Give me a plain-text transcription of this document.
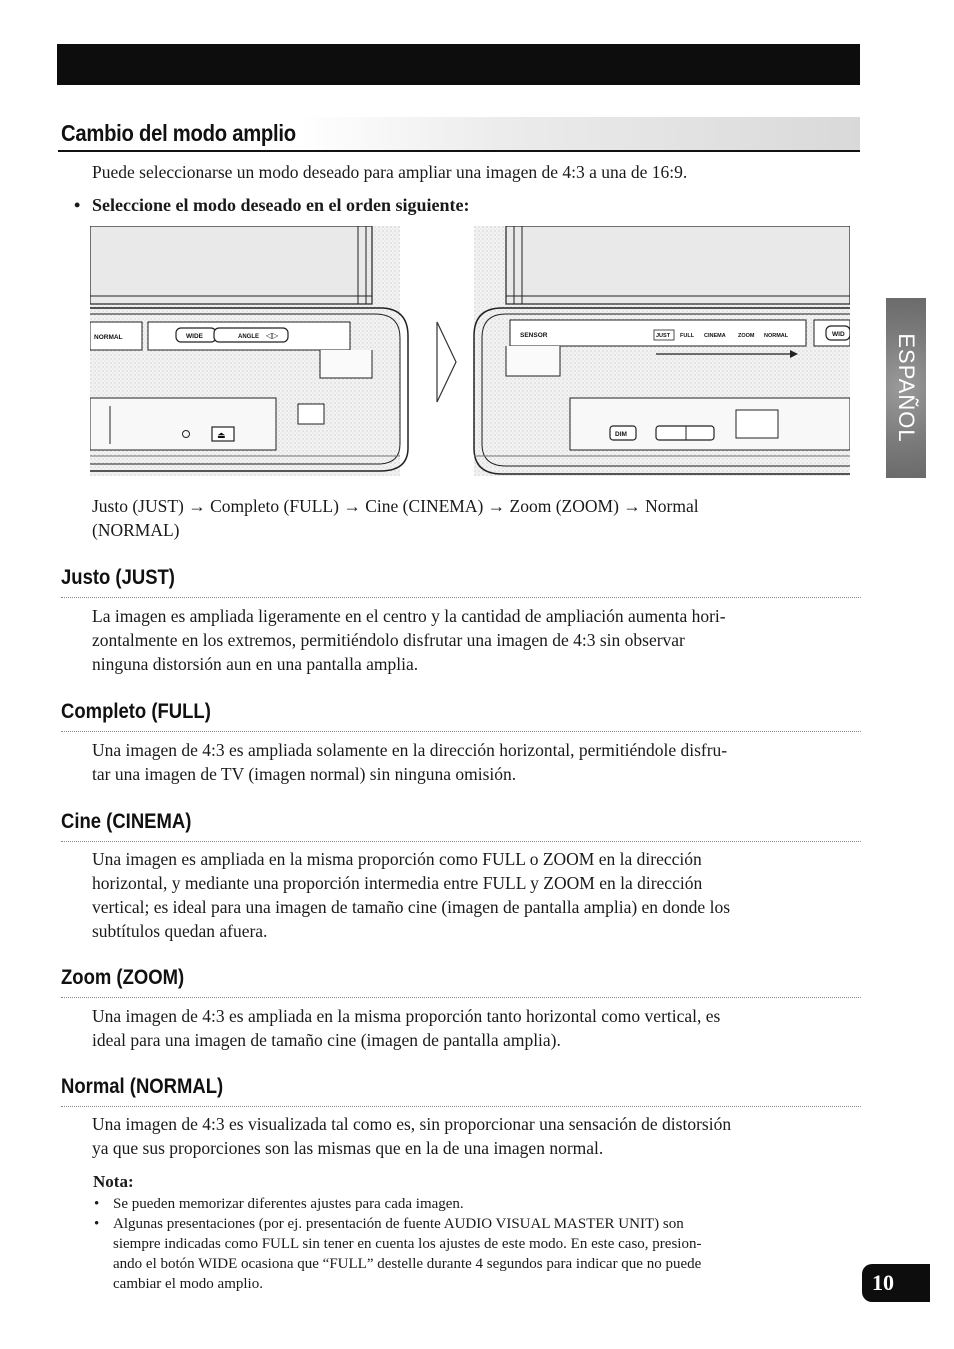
Cambio del modo amplio
Puede seleccionarse un modo deseado para ampliar una imagen de 4:3 a una de 16:9.
• Seleccione el modo deseado en el orden siguiente:
NORMAL	WIDE	ANGLE ◁▷
⏏
SENSOR	JUST FULL CINEMA ZOOM NORMAL	WID
DIM
Justo (JUST) → Completo (FULL) → Cine (CINEMA) → Zoom (ZOOM) → Normal
(NORMAL)
Justo (JUST)
La imagen es ampliada ligeramente en el centro y la cantidad de ampliación aumenta hori-
zontalmente en los extremos, permitiéndolo disfrutar una imagen de 4:3 sin observar
ninguna distorsión aun en una pantalla amplia.
Completo (FULL)
Una imagen de 4:3 es ampliada solamente en la dirección horizontal, permitiéndole disfru-
tar una imagen de TV (imagen normal) sin ninguna omisión.
Cine (CINEMA)
Una imagen es ampliada en la misma proporción como FULL o ZOOM en la dirección
horizontal, y mediante una proporción intermedia entre FULL y ZOOM en la dirección
vertical; es ideal para una imagen de tamaño cine (imagen de pantalla amplia) en donde los
subtítulos quedan afuera.
Zoom (ZOOM)
Una imagen de 4:3 es ampliada en la misma proporción tanto horizontal como vertical, es
ideal para una imagen de tamaño cine (imagen de pantalla amplia).
Normal (NORMAL)
Una imagen de 4:3 es visualizada tal como es, sin proporcionar una sensación de distorsión
ya que sus proporciones son las mismas que en la de una imagen normal.
Nota:
• Se pueden memorizar diferentes ajustes para cada imagen.
• Algunas presentaciones (por ej. presentación de fuente AUDIO VISUAL MASTER UNIT) son
siempre indicadas como FULL sin tener en cuenta los ajustes de este modo. En este caso, presion-
ando el botón WIDE ocasiona que “FULL” destelle durante 4 segundos para indicar que no puede
cambiar el modo amplio.
ESPAÑOL
10
